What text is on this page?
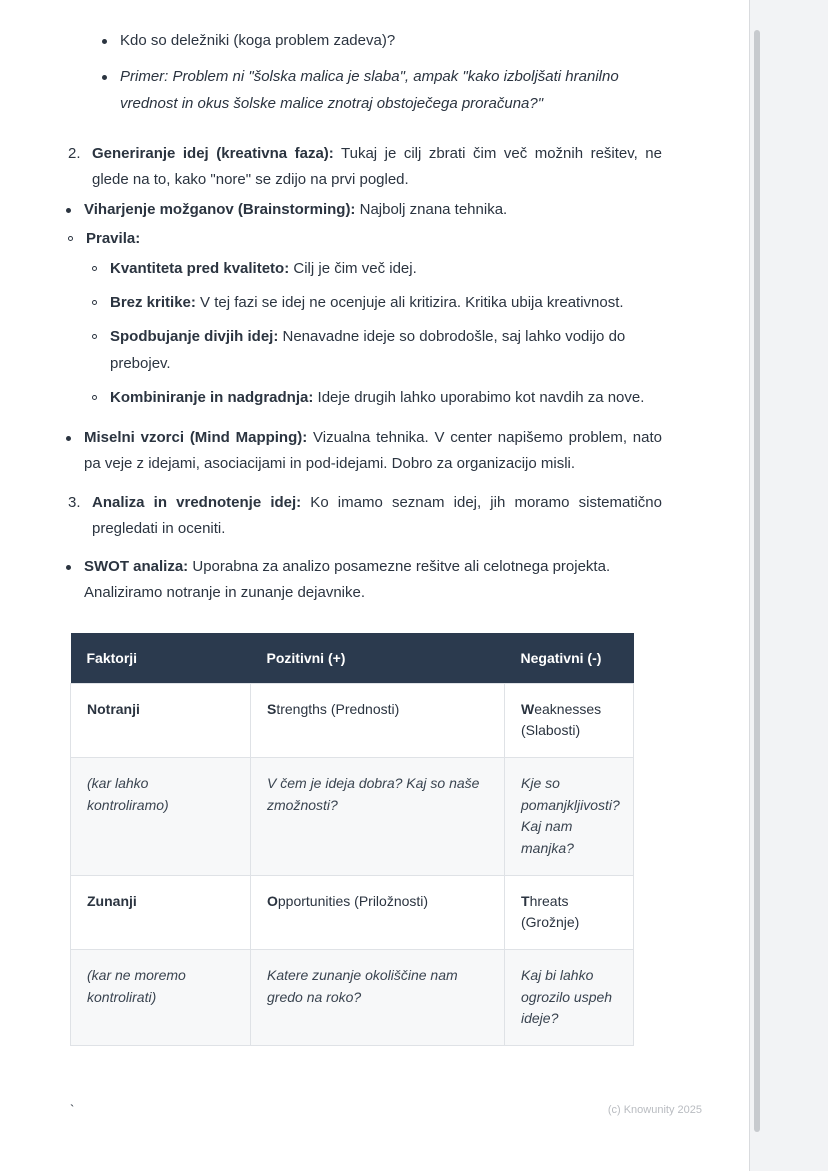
Kdo so deležniki (koga problem zadeva)?
Primer: Problem ni "šolska malica je slaba", ampak "kako izboljšati hranilno vrednost in okus šolske malice znotraj obstoječega proračuna?"
2. Generiranje idej (kreativna faza): Tukaj je cilj zbrati čim več možnih rešitev, ne glede na to, kako "nore" se zdijo na prvi pogled.
Viharjenje možganov (Brainstorming): Najbolj znana tehnika.
Pravila:
Kvantiteta pred kvaliteto: Cilj je čim več idej.
Brez kritike: V tej fazi se idej ne ocenjuje ali kritizira. Kritika ubija kreativnost.
Spodbujanje divjih idej: Nenavadne ideje so dobrodošle, saj lahko vodijo do prebojev.
Kombiniranje in nadgradnja: Ideje drugih lahko uporabimo kot navdih za nove.
Miselni vzorci (Mind Mapping): Vizualna tehnika. V center napišemo problem, nato pa veje z idejami, asociacijami in pod-idejami. Dobro za organizacijo misli.
3. Analiza in vrednotenje idej: Ko imamo seznam idej, jih moramo sistematično pregledati in oceniti.
SWOT analiza: Uporabna za analizo posamezne rešitve ali celotnega projekta. Analiziramo notranje in zunanje dejavnike.
Faktorji	Pozitivni (+)	Negativni (-)
Notranji	Strengths (Prednosti)	Weaknesses (Slabosti)
(kar lahko kontroliramo)	V čem je ideja dobra? Kaj so naše zmožnosti?	Kje so pomanjkljivosti? Kaj nam manjka?
Zunanji	Opportunities (Priložnosti)	Threats (Grožnje)
(kar ne moremo kontrolirati)	Katere zunanje okoliščine nam gredo na roko?	Kaj bi lahko ogrozilo uspeh ideje?
`	(c) Knowunity 2025
